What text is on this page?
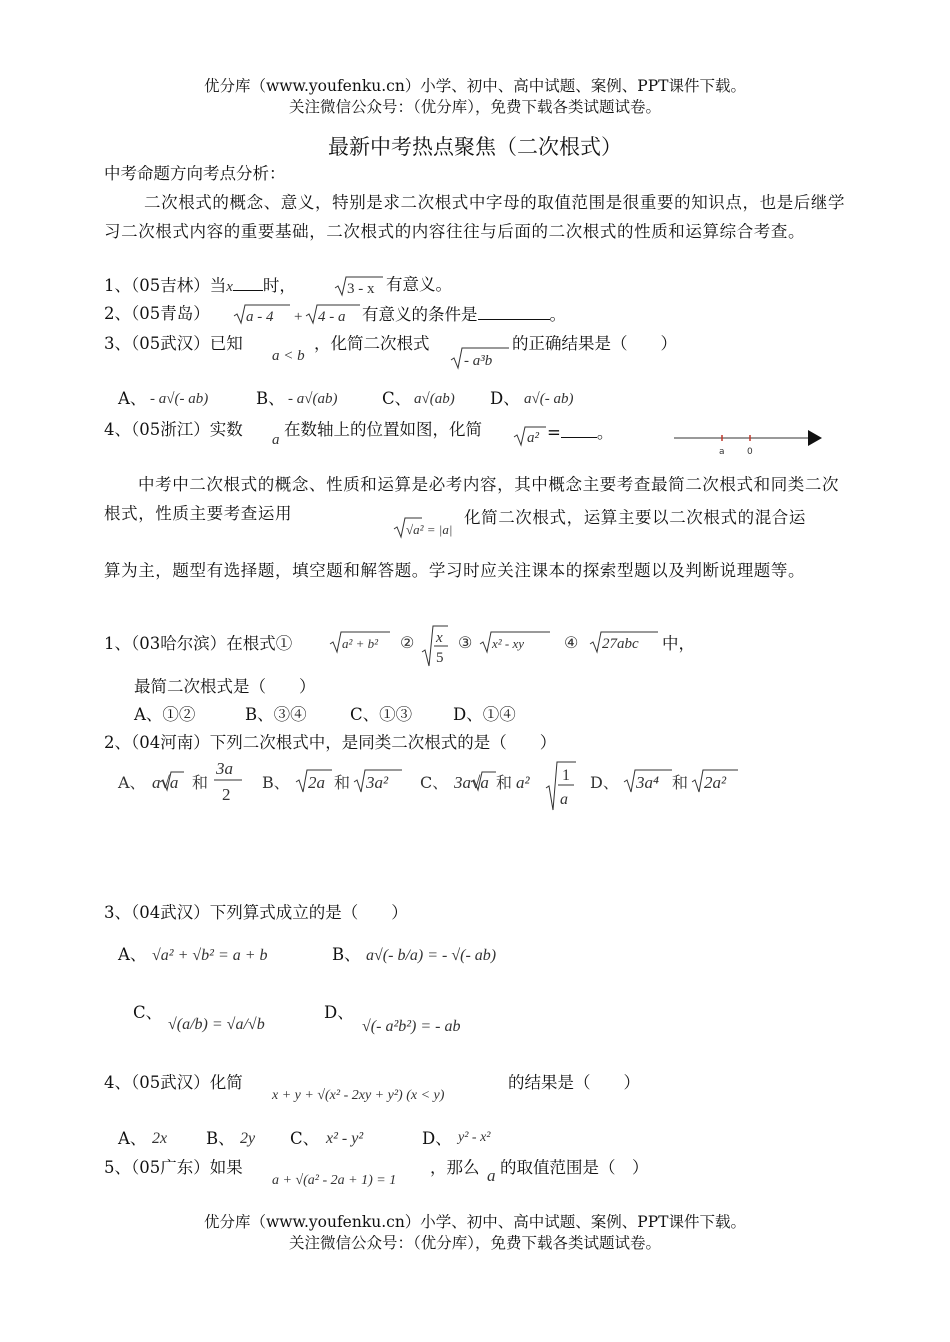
优分库（www.youfenku.cn）小学、初中、高中试题、案例、PPT课件下载。
关注微信公众号：（优分库），免费下载各类试题试卷。
最新中考热点聚焦（二次根式）
中考命题方向考点分析：
二次根式的概念、意义，特别是求二次根式中字母的取值范围是很重要的知识点，也是后继学习二次根式内容的重要基础，二次根式的内容往往与后面的二次根式的性质和运算综合考查。
1、（05吉林）当x 时，	3 - x 有意义。
2、（05青岛） a - 4 + 4 - a 有意义的条件是	。
3、（05武汉）已知
a < b
，化简二次根式
- a³b
的正确结果是（　　）
A、 - a√(- ab)	B、 - a√(ab)	C、 a√(ab) D、 a√(- ab)
4、（05浙江）实数
a
在数轴上的位置如图，化简	a² = 。
a 0
中考中二次根式的概念、性质和运算是必考内容，其中概念主要考查最简二次根式和同类二次根式，性质主要考查运用
√a² = |a|
化简二次根式，运算主要以二次根式的混合运
算为主，题型有选择题，填空题和解答题。学习时应关注课本的探索型题以及判断说理题等。
1、（03哈尔滨）在根式①	a² + b² ② x
5
③ x² - xy ④ 27abc 中，
最简二次根式是（　　）
A、①②	B、③④	C、①③ D、①④
2、（04河南）下列二次根式中，是同类二次根式的是（　　）
A、 a√a 和
3a
2
B、 2a 和 3a² C、 3a√a 和 a² 1
a
D、 3a⁴ 和 2a²
3、（04武汉）下列算式成立的是（　　）
A、 √a² + √b² = a + b	B、 a√(- b/a) = - √(- ab)
C、
√(a/b) = √a/√b
D、
√(- a²b²) = - ab
4、（05武汉）化简
x + y + √(x² - 2xy + y²) (x < y)
的结果是（　　）
A、 2x B、 2y C、 x² - y²	D、 y² - x²
5、（05广东）如果
a + √(a² - 2a + 1) = 1
，那么 a 的取值范围是（　）
优分库（www.youfenku.cn）小学、初中、高中试题、案例、PPT课件下载。
关注微信公众号：（优分库），免费下载各类试题试卷。
